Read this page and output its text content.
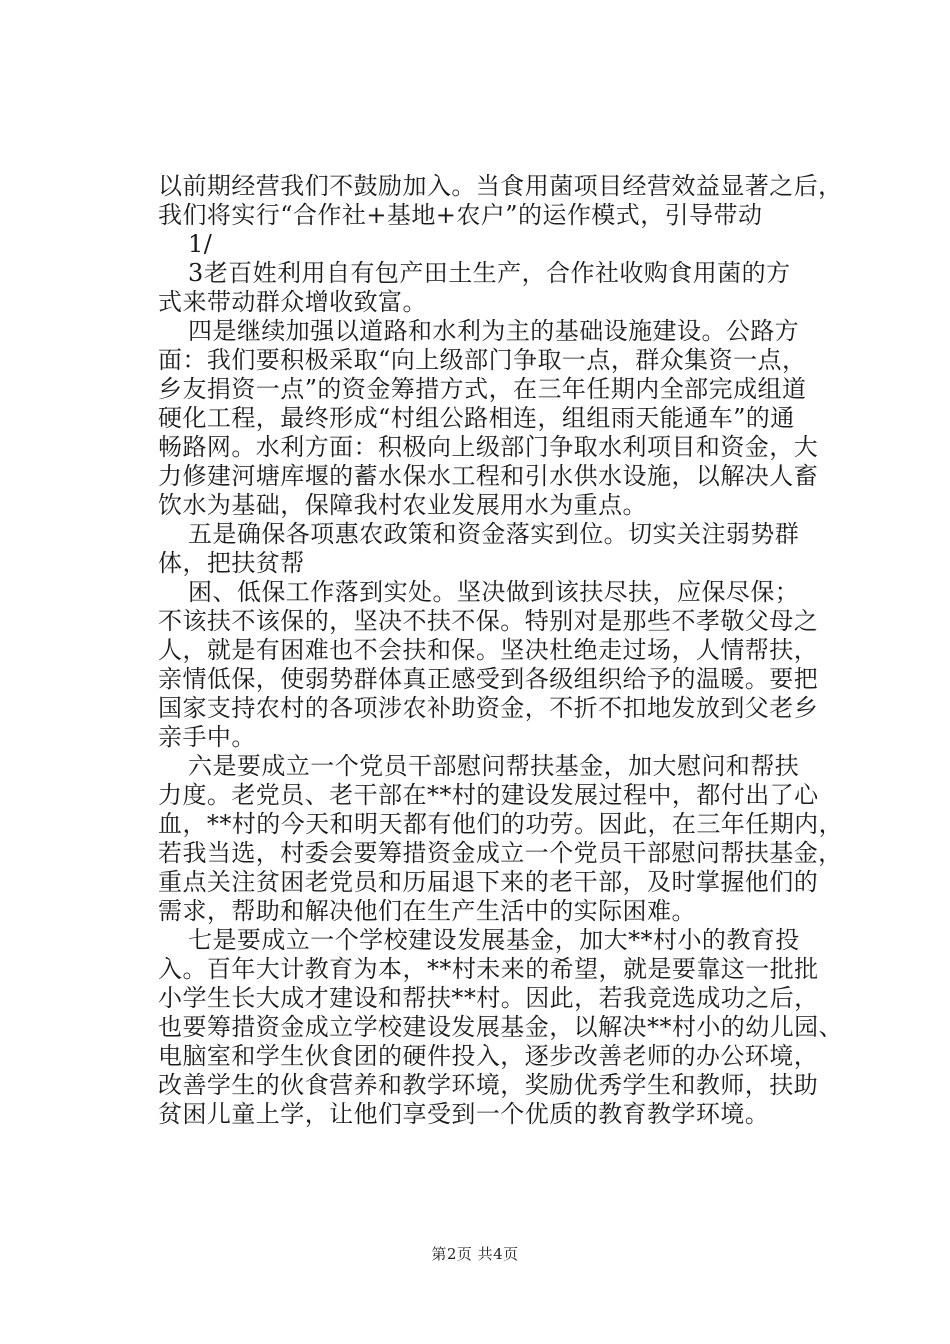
以前期经营我们不鼓励加入。当食用菌项目经营效益显著之后，
我们将实行“合作社+基地+农户”的运作模式，引导带动
1/
3老百姓利用自有包产田土生产，合作社收购食用菌的方
式来带动群众增收致富。
四是继续加强以道路和水利为主的基础设施建设。公路方
面：我们要积极采取“向上级部门争取一点，群众集资一点，
乡友捐资一点”的资金筹措方式，在三年任期内全部完成组道
硬化工程，最终形成“村组公路相连，组组雨天能通车”的通
畅路网。水利方面：积极向上级部门争取水利项目和资金，大
力修建河塘库堰的蓄水保水工程和引水供水设施，以解决人畜
饮水为基础，保障我村农业发展用水为重点。
五是确保各项惠农政策和资金落实到位。切实关注弱势群
体，把扶贫帮
困、低保工作落到实处。坚决做到该扶尽扶，应保尽保；
不该扶不该保的，坚决不扶不保。特别对是那些不孝敬父母之
人，就是有困难也不会扶和保。坚决杜绝走过场，人情帮扶，
亲情低保，使弱势群体真正感受到各级组织给予的温暖。要把
国家支持农村的各项涉农补助资金，不折不扣地发放到父老乡
亲手中。
六是要成立一个党员干部慰问帮扶基金，加大慰问和帮扶
力度。老党员、老干部在**村的建设发展过程中，都付出了心
血，**村的今天和明天都有他们的功劳。因此，在三年任期内，
若我当选，村委会要筹措资金成立一个党员干部慰问帮扶基金，
重点关注贫困老党员和历届退下来的老干部，及时掌握他们的
需求，帮助和解决他们在生产生活中的实际困难。
七是要成立一个学校建设发展基金，加大**村小的教育投
入。百年大计教育为本，**村未来的希望，就是要靠这一批批
小学生长大成才建设和帮扶**村。因此，若我竞选成功之后，
也要筹措资金成立学校建设发展基金，以解决**村小的幼儿园、
电脑室和学生伙食团的硬件投入，逐步改善老师的办公环境，
改善学生的伙食营养和教学环境，奖励优秀学生和教师，扶助
贫困儿童上学，让他们享受到一个优质的教育教学环境。
第2页 共4页
